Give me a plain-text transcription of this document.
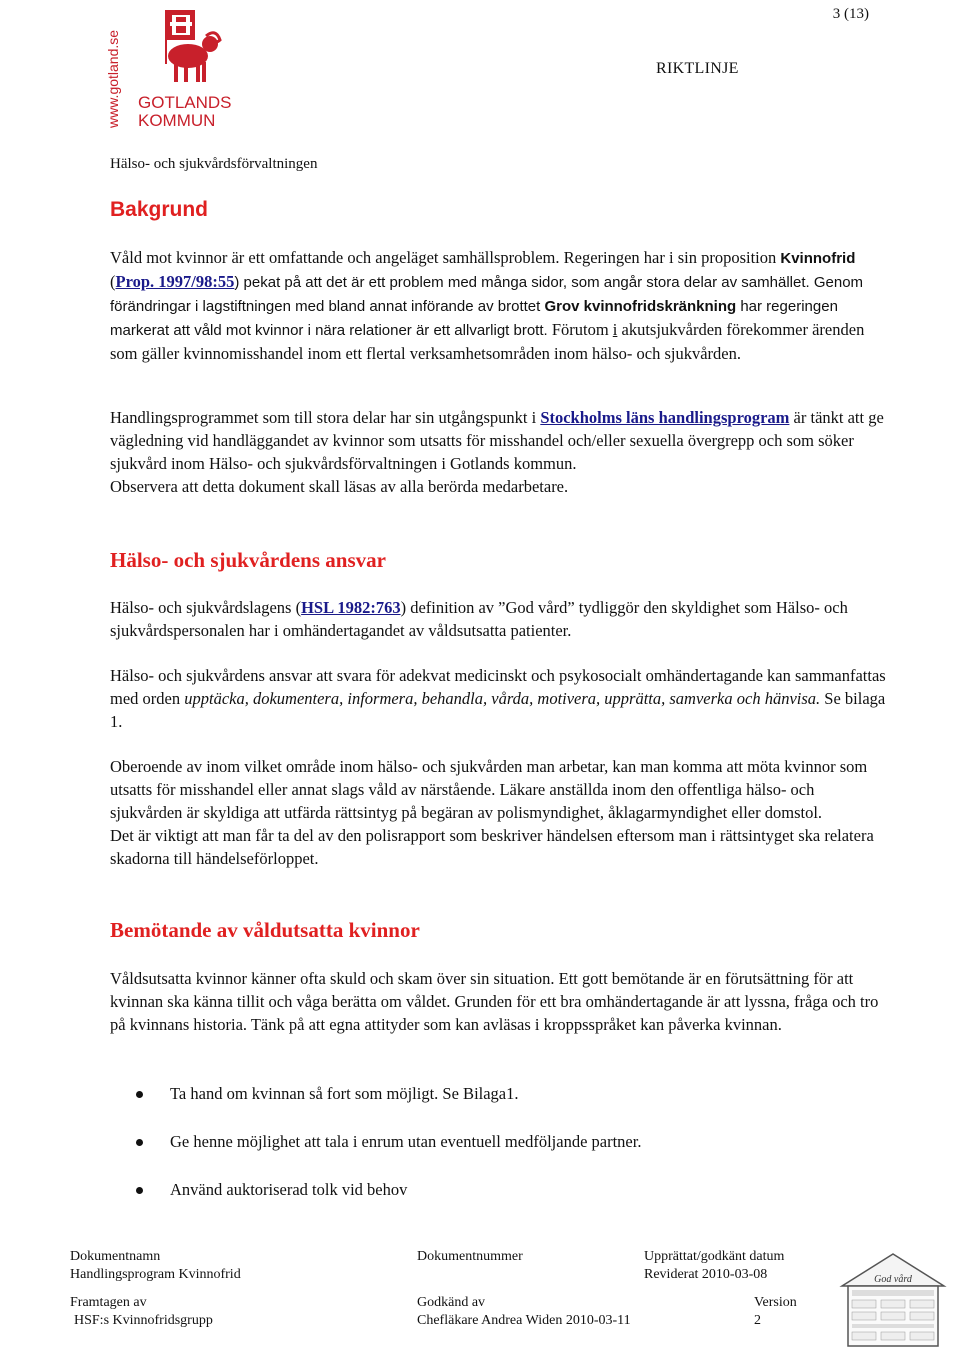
3 (13)
www.gotland.se GOTLANDS
KOMMUN
RIKTLINJE
Hälso- och sjukvårdsförvaltningen
Bakgrund

Våld mot kvinnor är ett omfattande och angeläget samhällsproblem. Regeringen har i sin proposition Kvinnofrid (Prop. 1997/98:55) pekat på att det är ett problem med många sidor, som angår stora delar av samhället. Genom förändringar i lagstiftningen med bland annat införande av brottet Grov kvinnofridskränkning har regeringen markerat att våld mot kvinnor i nära relationer är ett allvarligt brott. Förutom i akutsjukvården förekommer ärenden som gäller kvinnomisshandel inom ett flertal verksamhetsområden inom hälso- och sjukvården.

Handlingsprogrammet som till stora delar har sin utgångspunkt i Stockholms läns handlingsprogram är tänkt att ge vägledning vid handläggandet av kvinnor som utsatts för misshandel och/eller sexuella övergrepp och som söker sjukvård inom Hälso- och sjukvårdsförvaltningen i Gotlands kommun.

Observera att detta dokument skall läsas av alla berörda medarbetare.

Hälso- och sjukvårdens ansvar

Hälso- och sjukvårdslagens (HSL 1982:763) definition av ”God vård” tydliggör den skyldighet som Hälso- och sjukvårdspersonalen har i omhändertagandet av våldsutsatta patienter.

Hälso- och sjukvårdens ansvar att svara för adekvat medicinskt och psykosocialt omhändertagande kan sammanfattas med orden upptäcka, dokumentera, informera, behandla, vårda, motivera, upprätta, samverka och hänvisa. Se bilaga 1.

Oberoende av inom vilket område inom hälso- och sjukvården man arbetar, kan man komma att möta kvinnor som utsatts för misshandel eller annat slags våld av närstående. Läkare anställda inom den offentliga hälso- och sjukvården är skyldiga att utfärda rättsintyg på begäran av polismyndighet, åklagarmyndighet eller domstol.

Det är viktigt att man får ta del av den polisrapport som beskriver händelsen eftersom man i rättsintyget ska relatera skadorna till händelseförloppet.

Bemötande av våldutsatta kvinnor

Våldsutsatta kvinnor känner ofta skuld och skam över sin situation. Ett gott bemötande är en förutsättning för att kvinnan ska känna tillit och våga berätta om våldet. Grunden för ett bra omhändertagande är att lyssna, fråga och tro på kvinnans historia. Tänk på att egna attityder som kan avläsas i kroppsspråket kan påverka kvinnan.

Ta hand om kvinnan så fort som möjligt. Se Bilaga1.
Ge henne möjlighet att tala i enrum utan eventuell medföljande partner.
Använd auktoriserad tolk vid behov
Dokumentnamn
Handlingsprogram Kvinnofrid
Dokumentnummer	Upprättat/godkänt datum
Reviderat 2010-03-08
Framtagen av
HSF:s Kvinnofridsgrupp
Godkänd av
Chefläkare Andrea Widen 2010-03-11
Version
2
God vård
